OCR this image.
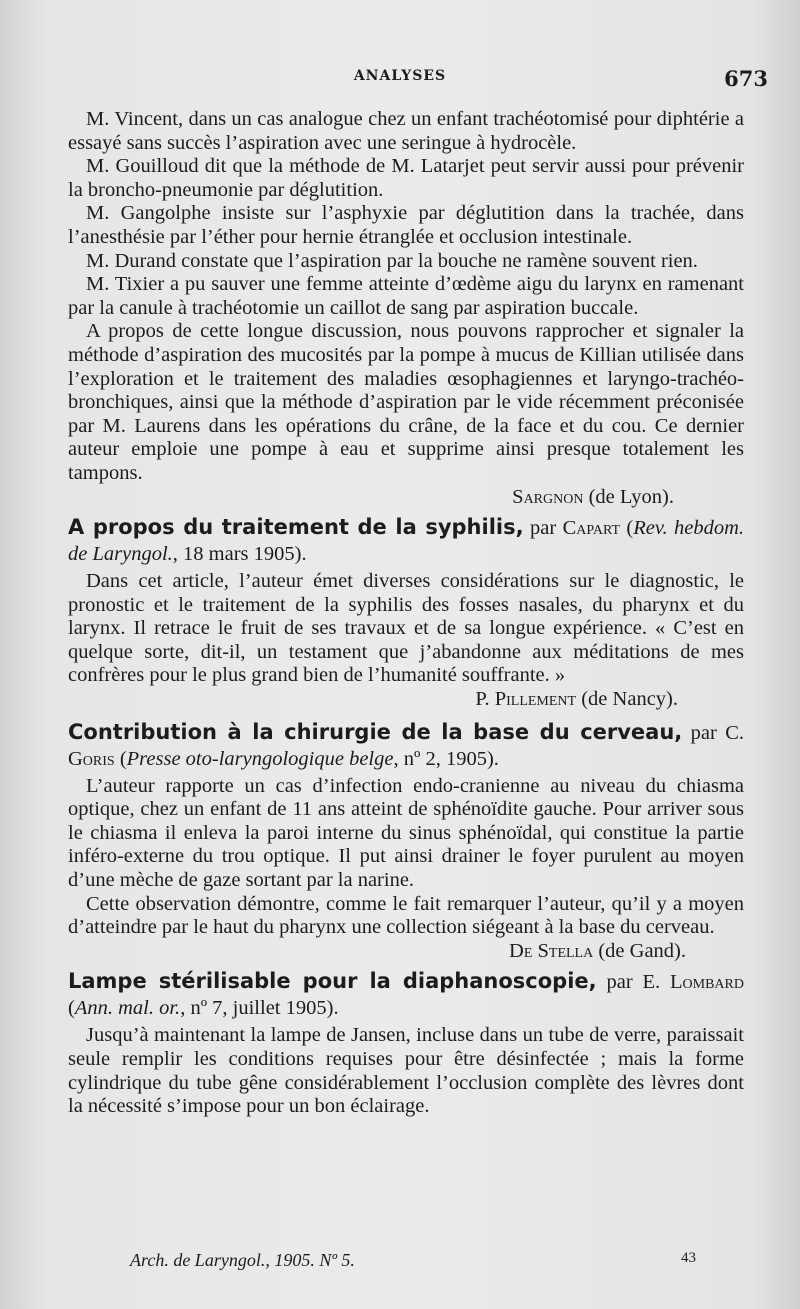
ANALYSES	673

M. Vincent, dans un cas analogue chez un enfant trachéotomisé pour diphtérie a essayé sans succès l’aspiration avec une seringue à hydrocèle.

M. Gouilloud dit que la méthode de M. Latarjet peut servir aussi pour prévenir la broncho-pneumonie par déglutition.

M. Gangolphe insiste sur l’asphyxie par déglutition dans la trachée, dans l’anesthésie par l’éther pour hernie étranglée et occlusion intestinale.

M. Durand constate que l’aspiration par la bouche ne ramène souvent rien.

M. Tixier a pu sauver une femme atteinte d’œdème aigu du larynx en ramenant par la canule à trachéotomie un caillot de sang par aspiration buccale.

A propos de cette longue discussion, nous pouvons rapprocher et signaler la méthode d’aspiration des mucosités par la pompe à mucus de Killian utilisée dans l’exploration et le traitement des maladies œsophagiennes et laryngo-trachéo-bronchiques, ainsi que la méthode d’aspiration par le vide récemment préconisée par M. Laurens dans les opérations du crâne, de la face et du cou. Ce dernier auteur emploie une pompe à eau et supprime ainsi presque totalement les tampons.

Sargnon (de Lyon).

A propos du traitement de la syphilis, par Capart (Rev. hebdom. de Laryngol., 18 mars 1905).

Dans cet article, l’auteur émet diverses considérations sur le diagnostic, le pronostic et le traitement de la syphilis des fosses nasales, du pharynx et du larynx. Il retrace le fruit de ses travaux et de sa longue expérience. « C’est en quelque sorte, dit-il, un testament que j’abandonne aux méditations de mes confrères pour le plus grand bien de l’humanité souffrante. »

P. Pillement (de Nancy).

Contribution à la chirurgie de la base du cerveau, par C. Goris (Presse oto-laryngologique belge, nº 2, 1905).

L’auteur rapporte un cas d’infection endo-cranienne au niveau du chiasma optique, chez un enfant de 11 ans atteint de sphénoïdite gauche. Pour arriver sous le chiasma il enleva la paroi interne du sinus sphénoïdal, qui constitue la partie inféro-externe du trou optique. Il put ainsi drainer le foyer purulent au moyen d’une mèche de gaze sortant par la narine.

Cette observation démontre, comme le fait remarquer l’auteur, qu’il y a moyen d’atteindre par le haut du pharynx une collection siégeant à la base du cerveau.

De Stella (de Gand).

Lampe stérilisable pour la diaphanoscopie, par E. Lombard (Ann. mal. or., nº 7, juillet 1905).

Jusqu’à maintenant la lampe de Jansen, incluse dans un tube de verre, paraissait seule remplir les conditions requises pour être désinfectée ; mais la forme cylindrique du tube gêne considérablement l’occlusion complète des lèvres dont la nécessité s’impose pour un bon éclairage.

Arch. de Laryngol., 1905. Nº 5.	43
